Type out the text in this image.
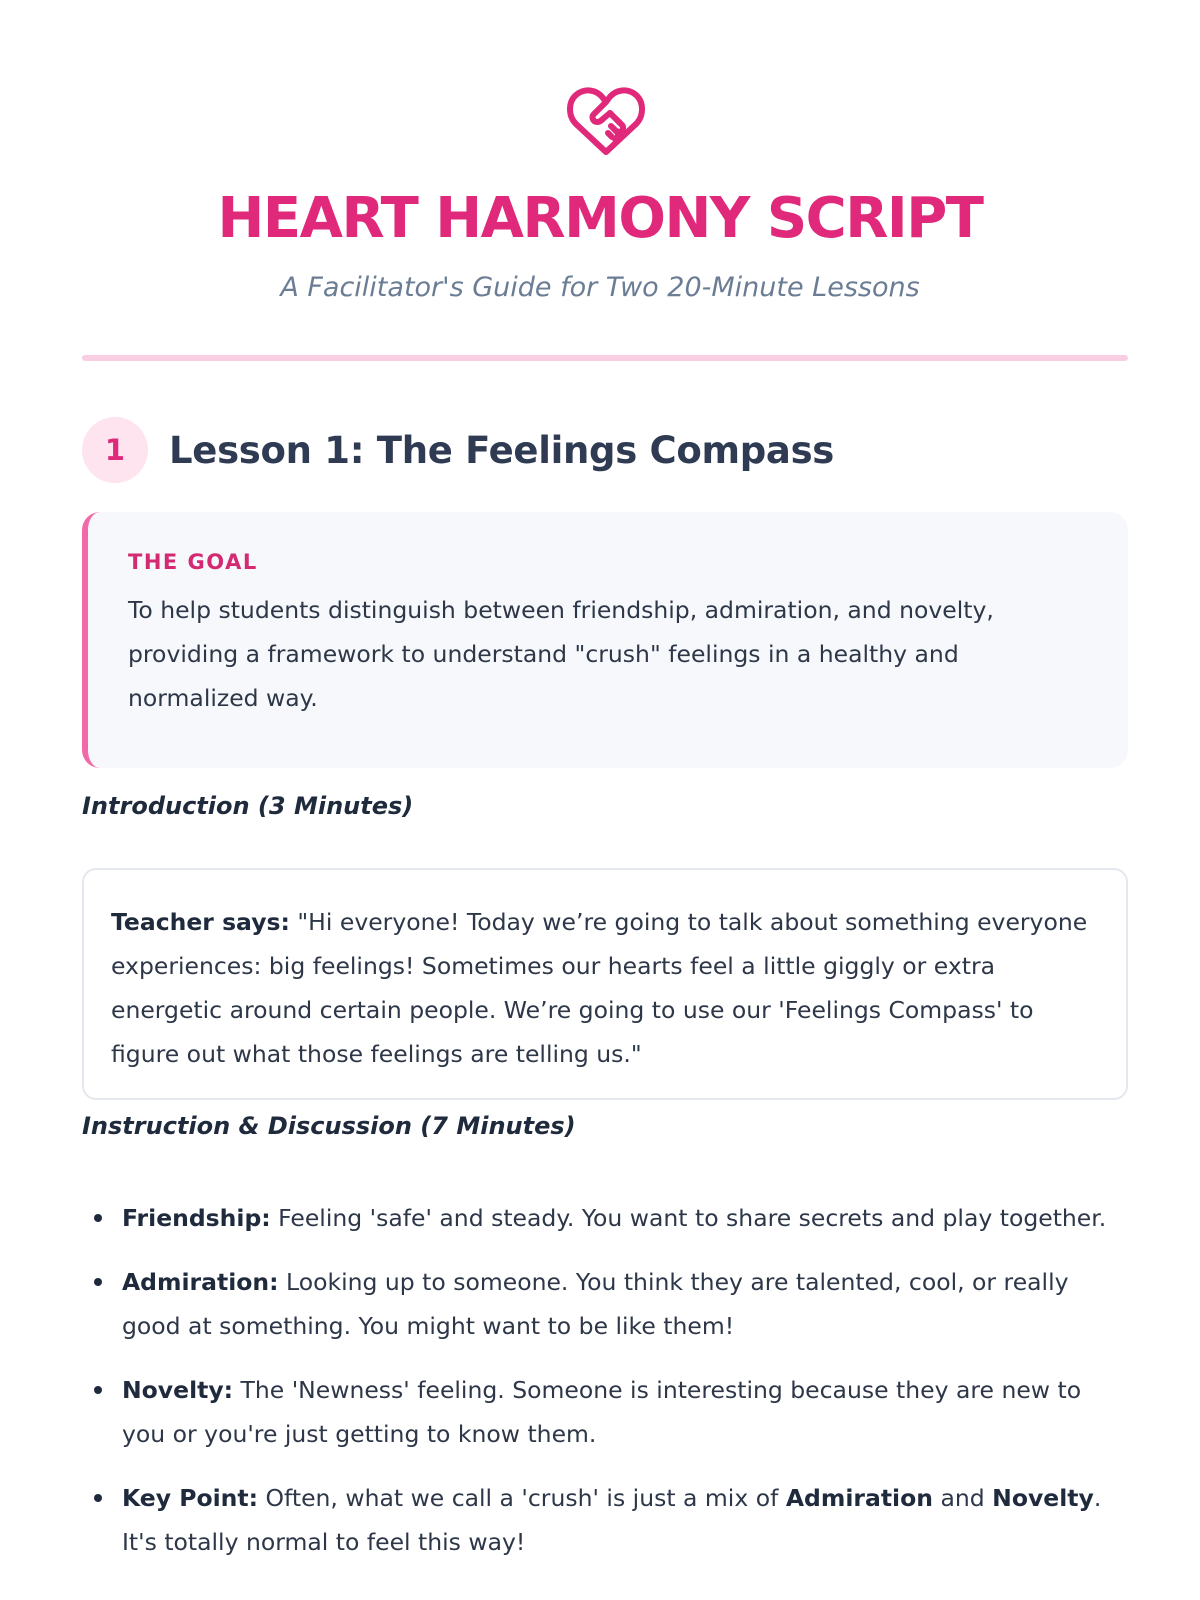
HEART HARMONY SCRIPT

A Facilitator's Guide for Two 20-Minute Lessons

1	Lesson 1: The Feelings Compass

THE GOAL

To help students distinguish between friendship, admiration, and novelty, providing a framework to understand "crush" feelings in a healthy and normalized way.

Introduction (3 Minutes)

Teacher says: "Hi everyone! Today we’re going to talk about something everyone experiences: big feelings! Sometimes our hearts feel a little giggly or extra energetic around certain people. We’re going to use our 'Feelings Compass' to figure out what those feelings are telling us."

Instruction & Discussion (7 Minutes)
Friendship: Feeling 'safe' and steady. You want to share secrets and play together.
Admiration: Looking up to someone. You think they are talented, cool, or really good at something. You might want to be like them!
Novelty: The 'Newness' feeling. Someone is interesting because they are new to you or you're just getting to know them.
Key Point: Often, what we call a 'crush' is just a mix of Admiration and Novelty. It's totally normal to feel this way!
